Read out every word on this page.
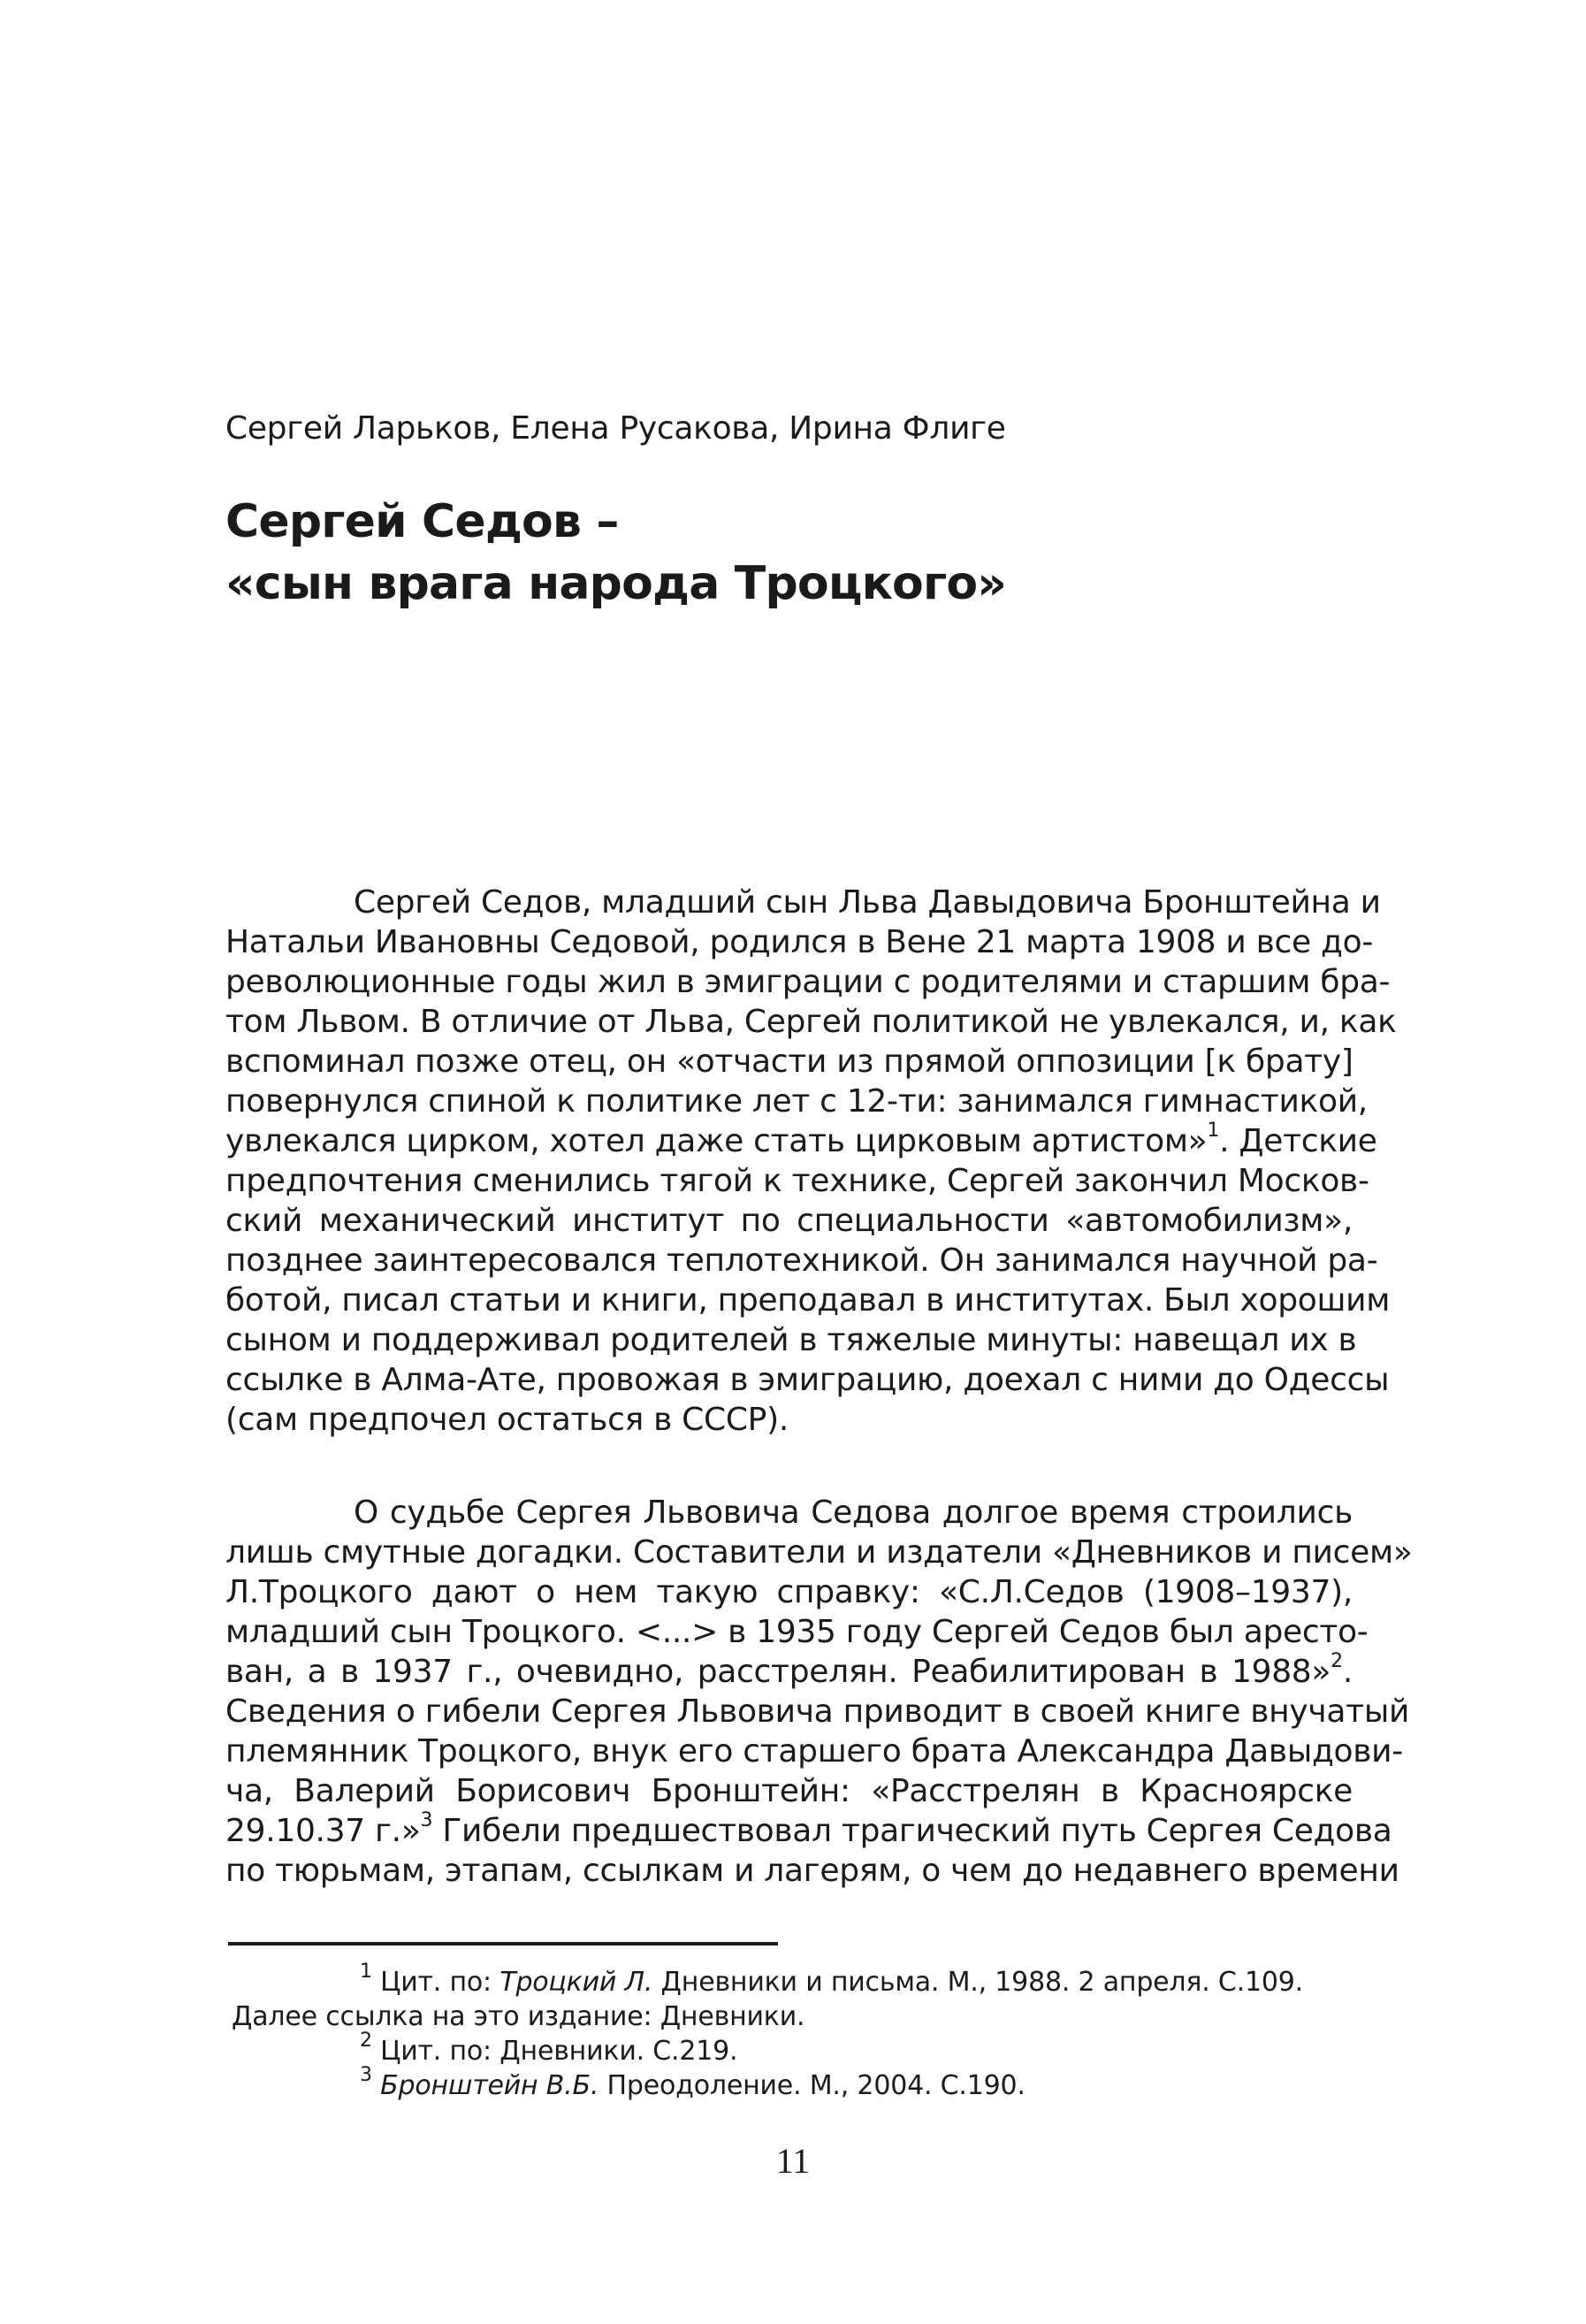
Сергей Ларьков, Елена Русакова, Ирина Флиге
Сергей Седов –
«сын врага народа Троцкого»
Сергей Седов, младший сын Льва Давыдовича Бронштейна и
Натальи Ивановны Седовой, родился в Вене 21 марта 1908 и все до-
революционные годы жил в эмиграции с родителями и старшим бра-
том Львом. В отличие от Льва, Сергей политикой не увлекался, и, как
вспоминал позже отец, он «отчасти из прямой оппозиции [к брату]
повернулся спиной к политике лет с 12-ти: занимался гимнастикой,
увлекался цирком, хотел даже стать цирковым артистом»$^1$. Детские
предпочтения сменились тягой к технике, Сергей закончил Москов-
ский механический институт по специальности «автомобилизм»,
позднее заинтересовался теплотехникой. Он занимался научной ра-
ботой, писал статьи и книги, преподавал в институтах. Был хорошим
сыном и поддерживал родителей в тяжелые минуты: навещал их в
ссылке в Алма-Ате, провожая в эмиграцию, доехал с ними до Одессы
(сам предпочел остаться в СССР).
О судьбе Сергея Львовича Седова долгое время строились
лишь смутные догадки. Составители и издатели «Дневников и писем»
Л.Троцкого дают о нем такую справку: «С.Л.Седов (1908–1937),
младший сын Троцкого. <...> в 1935 году Сергей Седов был аресто-
ван, а в 1937 г., очевидно, расстрелян. Реабилитирован в 1988»$^2$.
Сведения о гибели Сергея Львовича приводит в своей книге внучатый
племянник Троцкого, внук его старшего брата Александра Давыдови-
ча, Валерий Борисович Бронштейн: «Расстрелян в Красноярске
29.10.37 г.»$^3$ Гибели предшествовал трагический путь Сергея Седова
по тюрьмам, этапам, ссылкам и лагерям, о чем до недавнего времени
$^1$ Цит. по: Троцкий Л. Дневники и письма. М., 1988. 2 апреля. С.109.
Далее ссылка на это издание: Дневники.
$^2$ Цит. по: Дневники. С.219.
$^3$ Бронштейн В.Б. Преодоление. М., 2004. С.190.
11
